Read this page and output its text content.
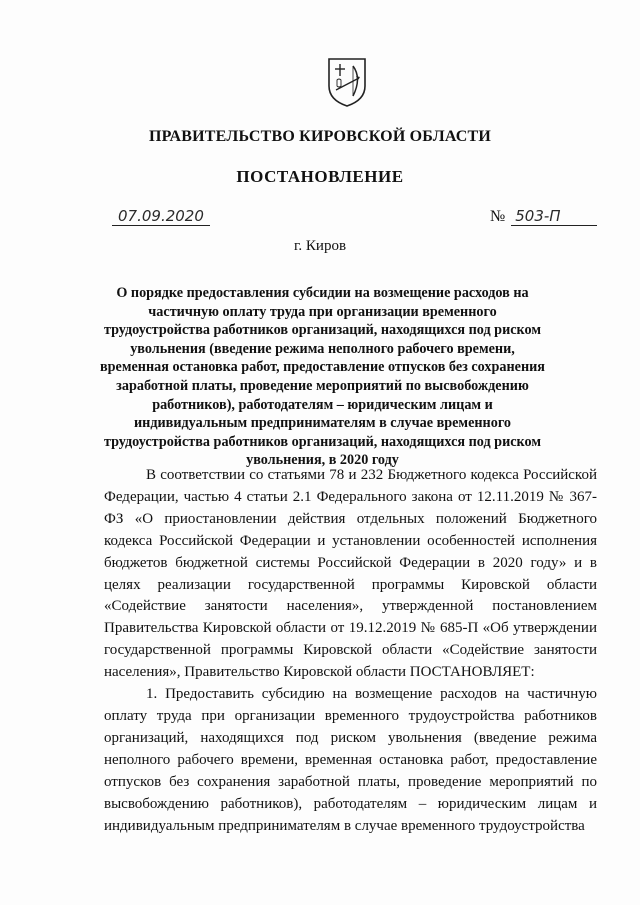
ПРАВИТЕЛЬСТВО КИРОВСКОЙ ОБЛАСТИ
ПОСТАНОВЛЕНИЕ
07.09.2020	№ 503-П
г. Киров
О порядке предоставления субсидии на возмещение расходов на частичную оплату труда при организации временного трудоустройства работников организаций, находящихся под риском увольнения (введение режима неполного рабочего времени, временная остановка работ, предоставление отпусков без сохранения заработной платы, проведение мероприятий по высвобождению работников), работодателям – юридическим лицам и индивидуальным предпринимателям в случае временного трудоустройства работников организаций, находящихся под риском увольнения, в 2020 году

В соответствии со статьями 78 и 232 Бюджетного кодекса Российской Федерации, частью 4 статьи 2.1 Федерального закона от 12.11.2019 № 367-ФЗ «О приостановлении действия отдельных положений Бюджетного кодекса Российской Федерации и установлении особенностей исполнения бюджетов бюджетной системы Российской Федерации в 2020 году» и в целях реализации государственной программы Кировской области «Содействие занятости населения», утвержденной постановлением Правительства Кировской области от 19.12.2019 № 685-П «Об утверждении государственной программы Кировской области «Содействие занятости населения», Правительство Кировской области ПОСТАНОВЛЯЕТ:

1. Предоставить субсидию на возмещение расходов на частичную оплату труда при организации временного трудоустройства работников организаций, находящихся под риском увольнения (введение режима неполного рабочего времени, временная остановка работ, предоставление отпусков без сохранения заработной платы, проведение мероприятий по высвобождению работников), работодателям – юридическим лицам и индивидуальным предпринимателям в случае временного трудоустройства
